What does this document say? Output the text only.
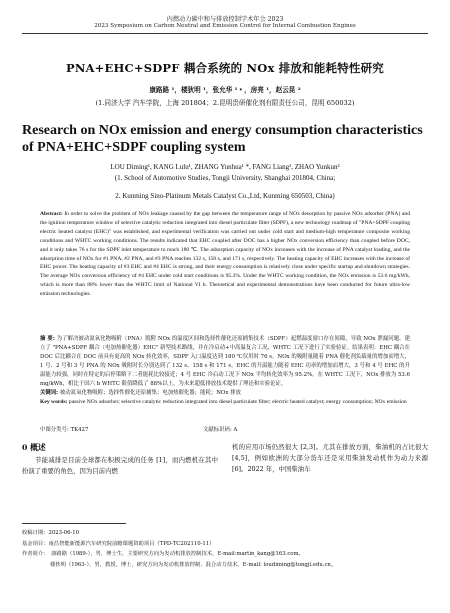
内燃动力碳中和与排放控制学术年会 2023
2023 Symposium on Carbon Neutral and Emission Control for Internal Combustion Engines
PNA+EHC+SDPF 耦合系统的 NOx 排放和能耗特性研究
康路路 ¹，楼狄明 ¹，张允华 ¹﹡，房亮 ¹，赵云昆 ²
(1.同济大学 汽车学院，上海 201804；2.昆明贵研催化剂有限责任公司，昆明 650032)
Research on NOx emission and energy consumption characteristics of PNA+EHC+SDPF coupling system
LOU Diming¹, KANG Lulu¹, ZHANG Yunhua¹ *, FANG Liang¹, ZHAO Yunkun²
(1. School of Automotive Studies, Tongji University, Shanghai 201804, China;
2. Kunming Sino-Platinum Metals Catalyst Co.,Ltd, Kunming 650503, China)
Abstract: In order to solve the problem of NOx leakage caused by the gap between the temperature range of NOx desorption by passive NOx adsorber (PNA) and the ignition temperature window of selective catalytic reduction integrated into diesel particulate filter (SDPF), a new technology roadmap of "PNA+SDPF coupling electric heated catalyst (EHC)" was established, and experimental verification was carried out under cold start and medium-high temperature composite working conditions and WHTC working conditions. The results indicated that EHC coupled after DOC has a higher NOx conversion efficiency than coupled before DOC, and it only takes 76 s for the SDPF inlet temperature to reach 180 ℃. The adsorption capacity of NOx increases with the increase of PNA catalyst loading, and the adsorption time of NOx for #1 PNA, #2 PNA, and #3 PNA reaches 132 s, 158 s, and 171 s, respectively. The heating capacity of EHC increases with the increase of EHC power. The heating capacity of #3 EHC and #4 EHC is strong, and their energy consumption is relatively close under specific startup and shutdown strategies. The average NOx conversion efficiency of #4 EHC under cold start conditions is 95.2%. Under the WHTC working condition, the NOx emission is 53.6 mg/kWh, which is more than 88% lower than the WHTC limit of National VI b. Theoretical and experimental demonstrations have been conducted for future ultra-low emission technologies.
摘 要: 为了解决被动氮氧化物吸附（PNA）脱附 NOx 的温度区间和选择性催化还原捕集技术（SDPF）起燃温度窗口存在间隙，导致 NOx 泄漏问题，建立了 "PNA+SDPF 耦合（电加热催化器）EHC" 新型技术路线，并在冷启动+中高温复合工况、WHTC 工况下进行了实验验证。结果表明：EHC 耦合在 DOC 后比耦合在 DOC 前具有更高的 NOx 转化效率，SDPF 入口温度达到 180 ℃仅用时 76 s。NOx 的吸附量随着 PNA 催化剂负载量的增加而增大，1 号、2 号和 3 号 PNA 的 NOx 吸附时长分别达到了 132 s、158 s 和 171 s。EHC 的升温能力随着 EHC 功率的增加而增大，3 号和 4 号 EHC 的升温能力较强，同时在特定的启停策略下二者能耗比较接近；4 号 EHC 冷启动工况下 NOx 平均转化效率为 95.2%。在 WHTC 工况下，NOx 排放为 53.6 mg/kWh，相比于国六 b WHTC 限值降低了 88%以上。为未来超低排放技术提供了理论和实验论证。
关键词: 被动氮氧化物吸附；选择性催化还原捕集；电加热催化器；能耗；NOx 排放
Key words: passive NOx adsorber; selective catalytic reduction integrated into diesel particulate filter; electric heated catalyst; energy consumption; NOx emission
中图分类号: TK427	文献标识码: A
0 概述
节能减排是目前全球都在积极完成的任务 [1]，而内燃机在其中扮演了重要的角色，因为目前内燃
机的应用市场仍然很大 [2,3]。尤其在排放方面，柴油机的占比很大 [4,5]，例如欧洲的大部分货车还是采用柴油发动机作为动力来源 [6]。2022 年，中国柴油车
收稿日期：2023-06-10
基金项目：南昌智能新能源汽车研究院前瞻课题资助项目（TPD-TC202110-11）
作者简介：　康路路（1989-），男，博士生，主要研究方向为发动机排放控制技术，E-mail:martin_kang@163.com。
楼狄明（1963-），男，教授，博士，研究方向为发动机排放控制、混合动力技术，E-mail: loudiming@tongji.edu.cn。
